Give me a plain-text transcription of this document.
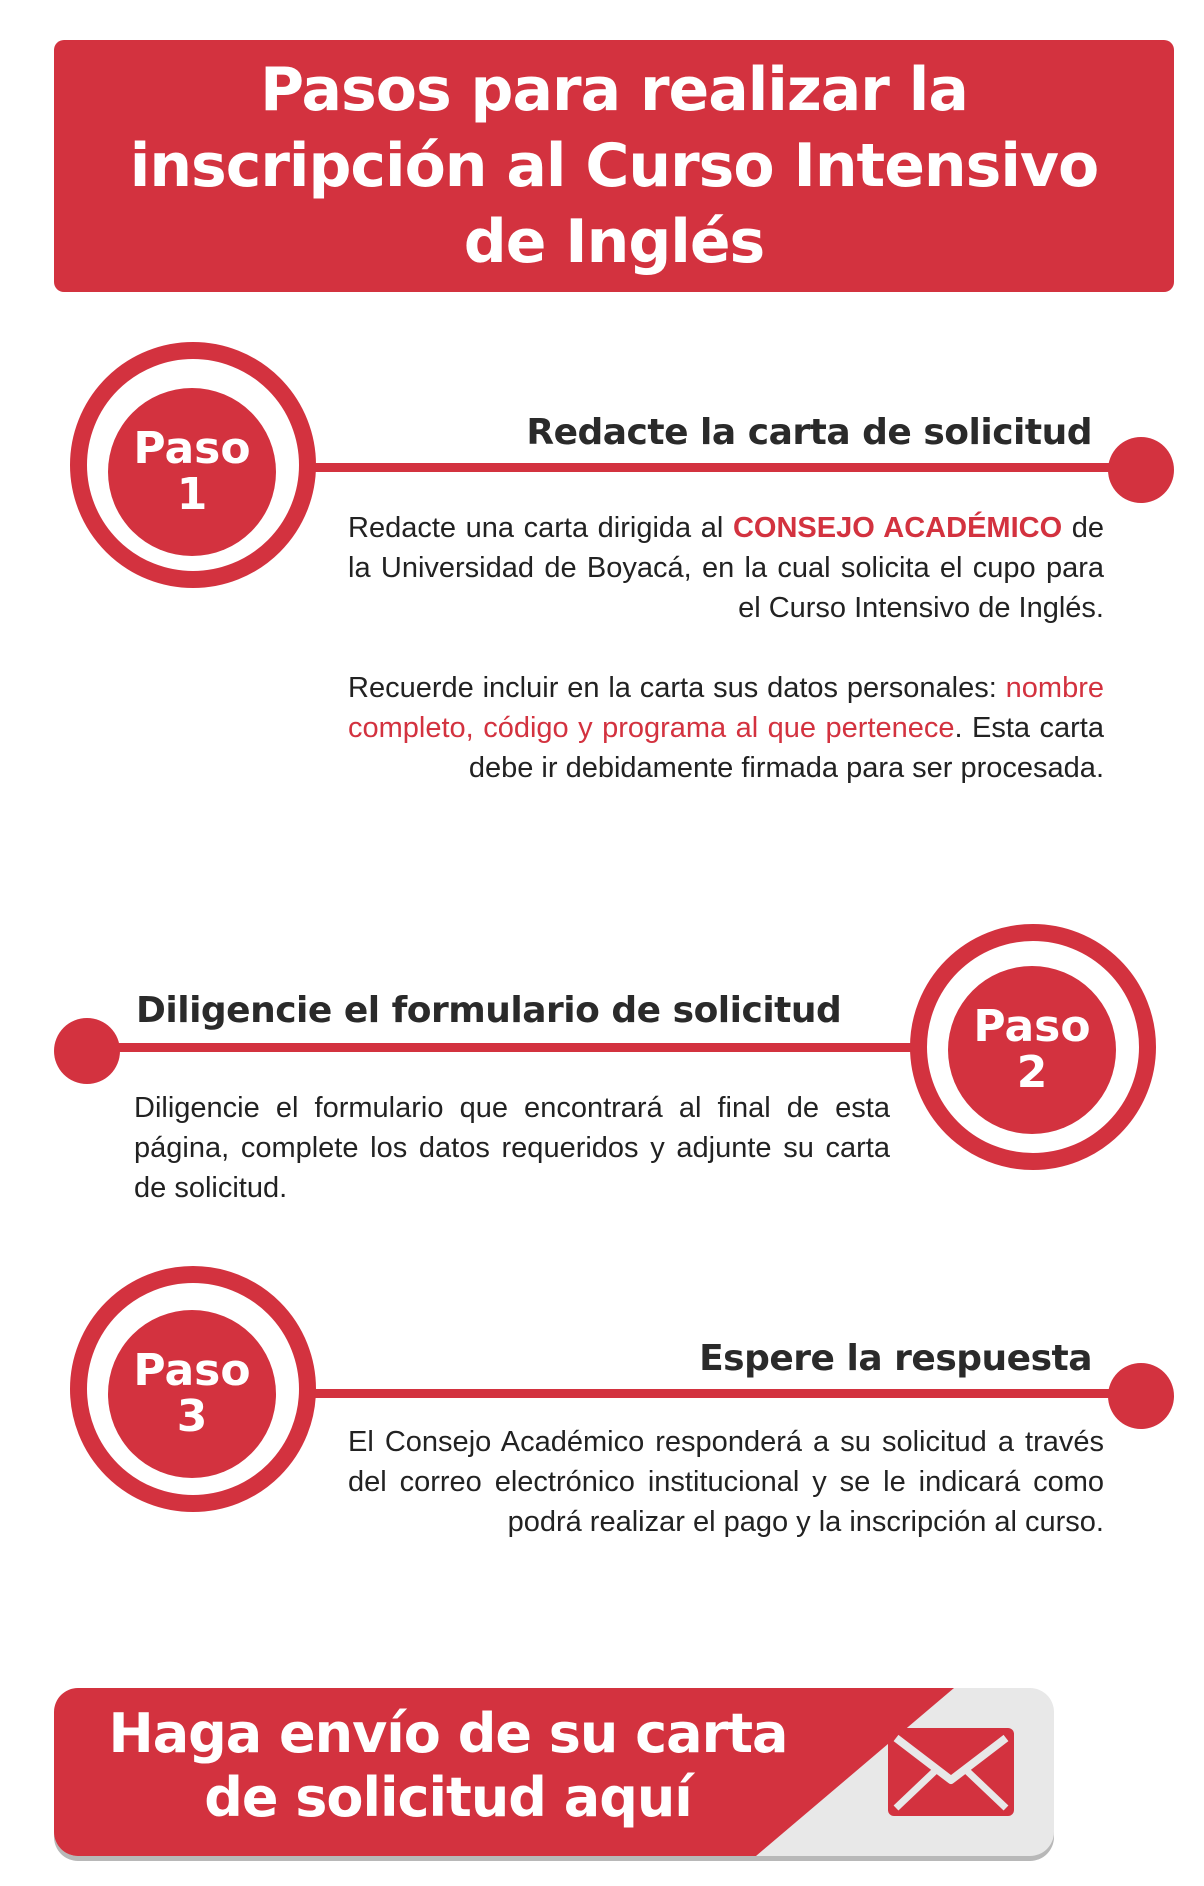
Pasos para realizar la
inscripción al Curso Intensivo
de Inglés
Paso
1
Redacte la carta de solicitud

Redacte una carta dirigida al CONSEJO ACADÉMICO de la Universidad de Boyacá, en la cual solicita el cupo para el Curso Intensivo de Inglés.

Recuerde incluir en la carta sus datos personales: nombre completo, código y programa al que pertenece. Esta carta debe ir debidamente firmada para ser procesada.

Paso
2
Diligencie el formulario de solicitud

Diligencie el formulario que encontrará al final de esta página, complete los datos requeridos y adjunte su carta de solicitud.

Paso
3
Espere la respuesta

El Consejo Académico responderá a su solicitud a través del correo electrónico institucional y se le indicará como podrá realizar el pago y la inscripción al curso.

Haga envío de su carta
de solicitud aquí
